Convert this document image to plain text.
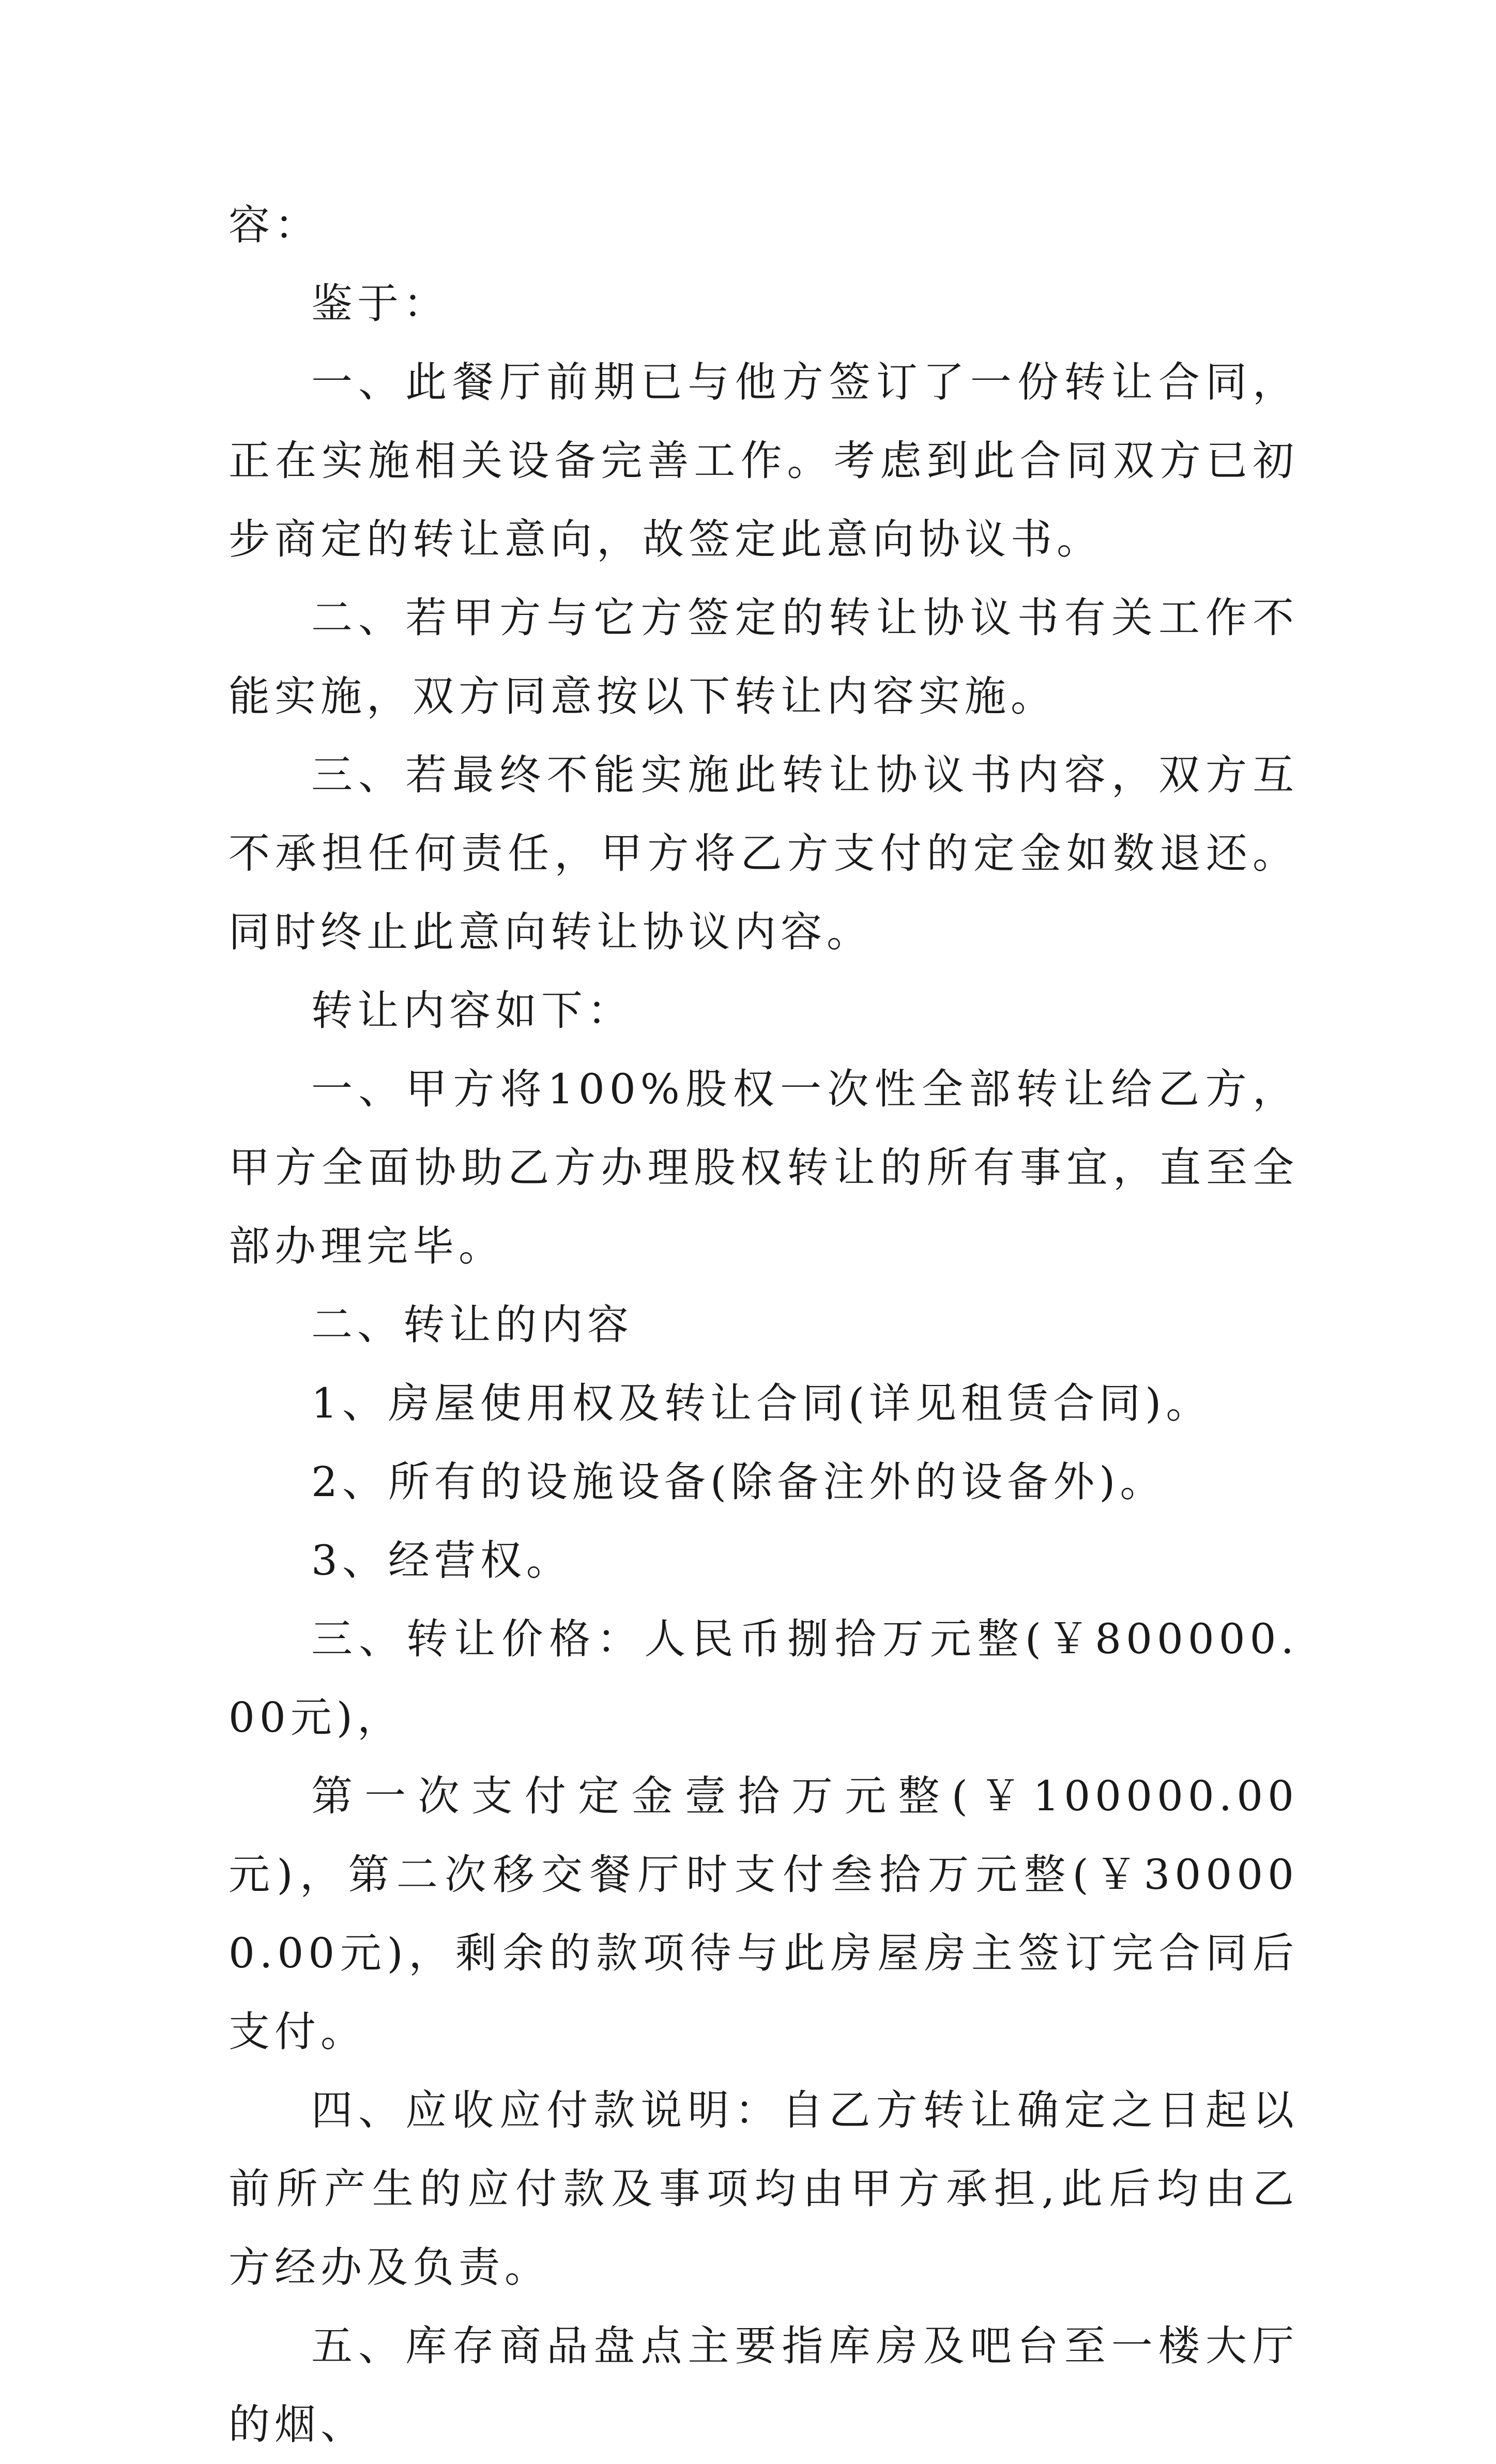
容：

鉴于：

一、此餐厅前期已与他方签订了一份转让合同，正在实施相关设备完善工作。考虑到此合同双方已初步商定的转让意向，故签定此意向协议书。

二、若甲方与它方签定的转让协议书有关工作不能实施，双方同意按以下转让内容实施。

三、若最终不能实施此转让协议书内容，双方互不承担任何责任，甲方将乙方支付的定金如数退还。同时终止此意向转让协议内容。

转让内容如下：

一、甲方将100%股权一次性全部转让给乙方，甲方全面协助乙方办理股权转让的所有事宜，直至全部办理完毕。

二、转让的内容

1、房屋使用权及转让合同(详见租赁合同)。

2、所有的设施设备(除备注外的设备外)。

3、经营权。

三、转让价格：人民币捌拾万元整(￥800000.00元)，

第一次支付定金壹拾万元整(￥100000.00元)，第二次移交餐厅时支付叁拾万元整(￥300000.00元)，剩余的款项待与此房屋房主签订完合同后支付。

四、应收应付款说明：自乙方转让确定之日起以前所产生的应付款及事项均由甲方承担,此后均由乙方经办及负责。

五、库存商品盘点主要指库房及吧台至一楼大厅的烟、
